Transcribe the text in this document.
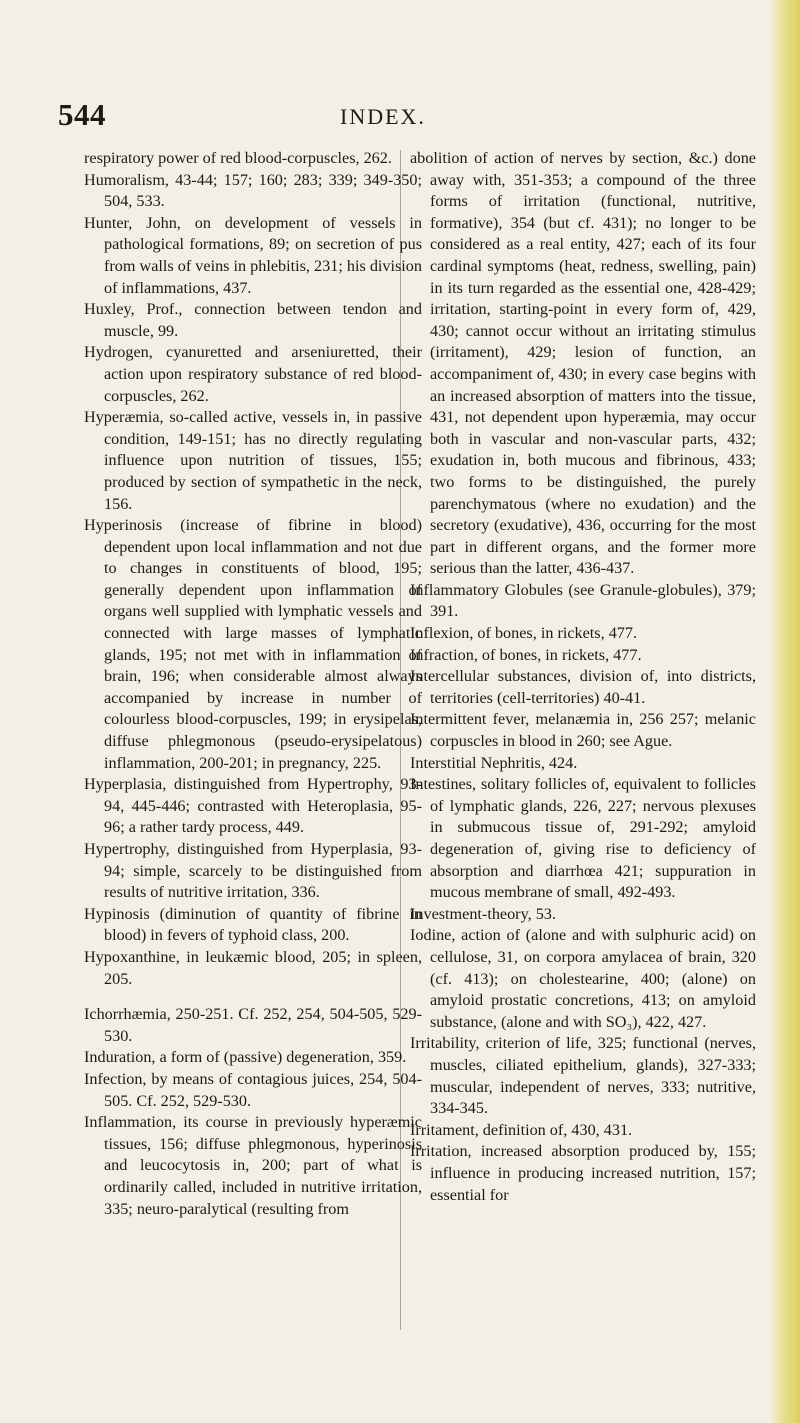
544	INDEX.

respiratory power of red blood-corpuscles, 262.

Humoralism, 43-44; 157; 160; 283; 339; 349-350; 504, 533.

Hunter, John, on development of vessels in pathological formations, 89; on secretion of pus from walls of veins in phlebitis, 231; his division of inflammations, 437.

Huxley, Prof., connection between tendon and muscle, 99.

Hydrogen, cyanuretted and arseniuretted, their action upon respiratory substance of red blood-corpuscles, 262.

Hyperæmia, so-called active, vessels in, in passive condition, 149-151; has no directly regulating influence upon nutrition of tissues, 155; produced by section of sympathetic in the neck, 156.

Hyperinosis (increase of fibrine in blood) dependent upon local inflammation and not due to changes in constituents of blood, 195; generally dependent upon inflammation of organs well supplied with lymphatic vessels and connected with large masses of lymphatic glands, 195; not met with in inflammation of brain, 196; when considerable almost always accompanied by increase in number of colourless blood-corpuscles, 199; in erysipelas, diffuse phlegmonous (pseudo-erysipelatous) inflammation, 200-201; in pregnancy, 225.

Hyperplasia, distinguished from Hypertrophy, 93-94, 445-446; contrasted with Heteroplasia, 95-96; a rather tardy process, 449.

Hypertrophy, distinguished from Hyperplasia, 93-94; simple, scarcely to be distinguished from results of nutritive irritation, 336.

Hypinosis (diminution of quantity of fibrine in blood) in fevers of typhoid class, 200.

Hypoxanthine, in leukæmic blood, 205; in spleen, 205.

Ichorrhæmia, 250-251. Cf. 252, 254, 504-505, 529-530.

Induration, a form of (passive) degeneration, 359.

Infection, by means of contagious juices, 254, 504-505. Cf. 252, 529-530.

Inflammation, its course in previously hyperæmic tissues, 156; diffuse phlegmonous, hyperinosis and leucocytosis in, 200; part of what is ordinarily called, included in nutritive irritation, 335; neuro-paralytical (resulting from

abolition of action of nerves by section, &c.) done away with, 351-353; a compound of the three forms of irritation (functional, nutritive, formative), 354 (but cf. 431); no longer to be considered as a real entity, 427; each of its four cardinal symptoms (heat, redness, swelling, pain) in its turn regarded as the essential one, 428-429; irritation, starting-point in every form of, 429, 430; cannot occur without an irritating stimulus (irritament), 429; lesion of function, an accompaniment of, 430; in every case begins with an increased absorption of matters into the tissue, 431, not dependent upon hyperæmia, may occur both in vascular and non-vascular parts, 432; exudation in, both mucous and fibrinous, 433; two forms to be distinguished, the purely parenchymatous (where no exudation) and the secretory (exudative), 436, occurring for the most part in different organs, and the former more serious than the latter, 436-437.

Inflammatory Globules (see Granule-globules), 379; 391.

Inflexion, of bones, in rickets, 477.

Infraction, of bones, in rickets, 477.

Intercellular substances, division of, into districts, territories (cell-territories) 40-41.

Intermittent fever, melanæmia in, 256 257; melanic corpuscles in blood in 260; see Ague.

Interstitial Nephritis, 424.

Intestines, solitary follicles of, equivalent to follicles of lymphatic glands, 226, 227; nervous plexuses in submucous tissue of, 291-292; amyloid degeneration of, giving rise to deficiency of absorption and diarrhœa 421; suppuration in mucous membrane of small, 492-493.

Investment-theory, 53.

Iodine, action of (alone and with sulphuric acid) on cellulose, 31, on corpora amylacea of brain, 320 (cf. 413); on cholestearine, 400; (alone) on amyloid prostatic concretions, 413; on amyloid substance, (alone and with SO₃), 422, 427.

Irritability, criterion of life, 325; functional (nerves, muscles, ciliated epithelium, glands), 327-333; muscular, independent of nerves, 333; nutritive, 334-345.

Irritament, definition of, 430, 431.

Irritation, increased absorption produced by, 155; influence in producing increased nutrition, 157; essential for
